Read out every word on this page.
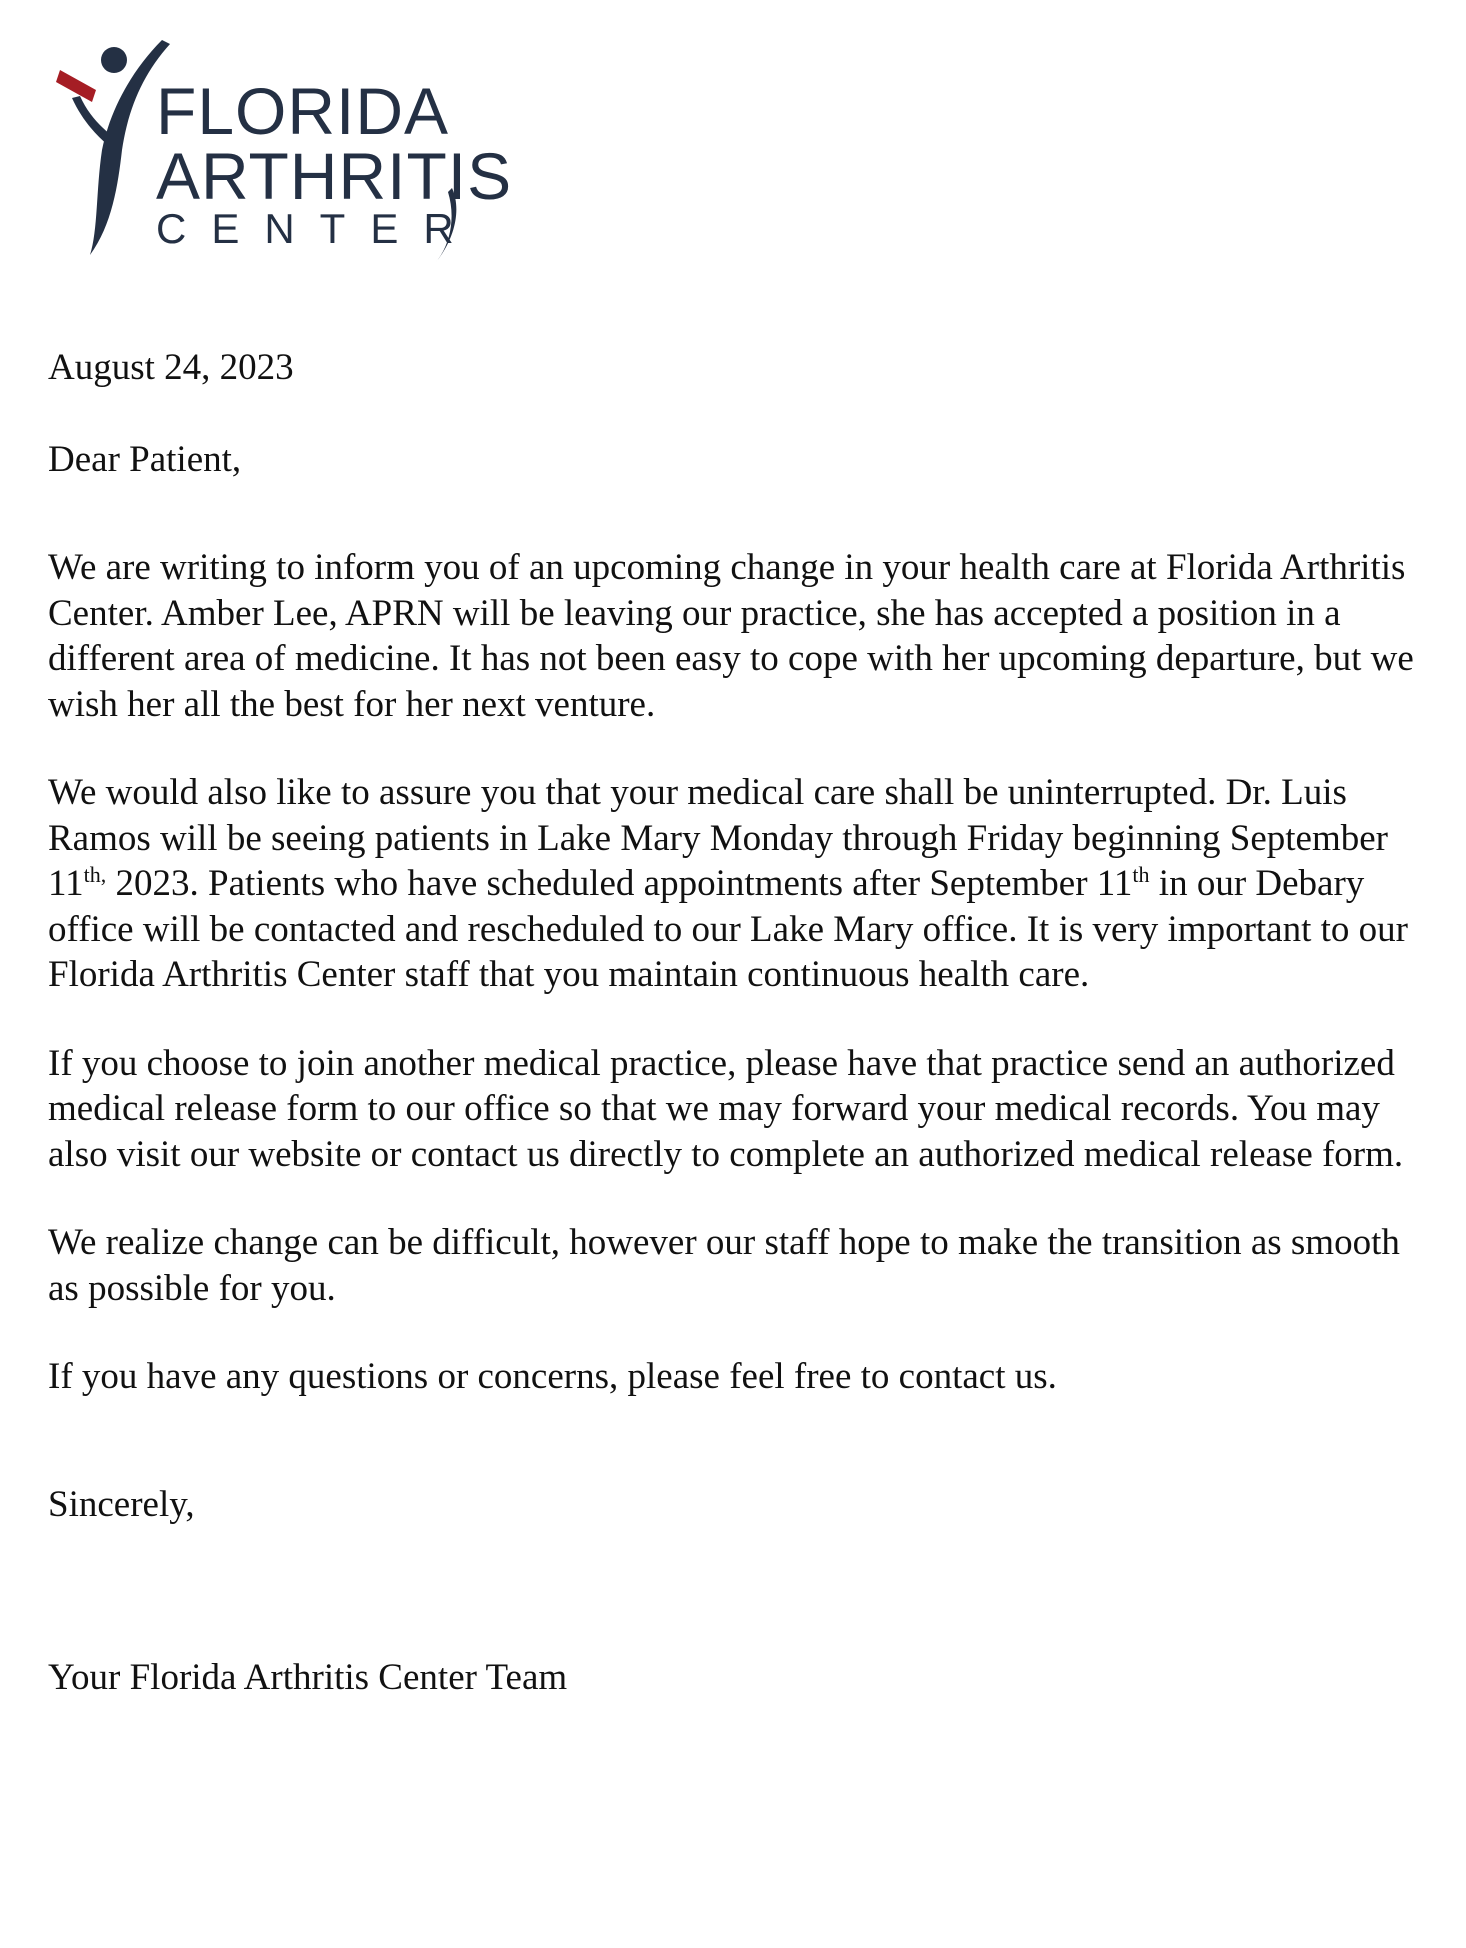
FLORIDA
ARTHRITIS
CENTER

August 24, 2023

Dear Patient,

We are writing to inform you of an upcoming change in your health care at Florida Arthritis Center. Amber Lee, APRN will be leaving our practice, she has accepted a position in a different area of medicine. It has not been easy to cope with her upcoming departure, but we wish her all the best for her next venture.

We would also like to assure you that your medical care shall be uninterrupted. Dr. Luis Ramos will be seeing patients in Lake Mary Monday through Friday beginning September $11^{th,}$ 2023. Patients who have scheduled appointments after September 11th in our Debary office will be contacted and rescheduled to our Lake Mary office. It is very important to our Florida Arthritis Center staff that you maintain continuous health care.

If you choose to join another medical practice, please have that practice send an authorized medical release form to our office so that we may forward your medical records. You may also visit our website or contact us directly to complete an authorized medical release form.

We realize change can be difficult, however our staff hope to make the transition as smooth as possible for you.

If you have any questions or concerns, please feel free to contact us.

Sincerely,

Your Florida Arthritis Center Team
